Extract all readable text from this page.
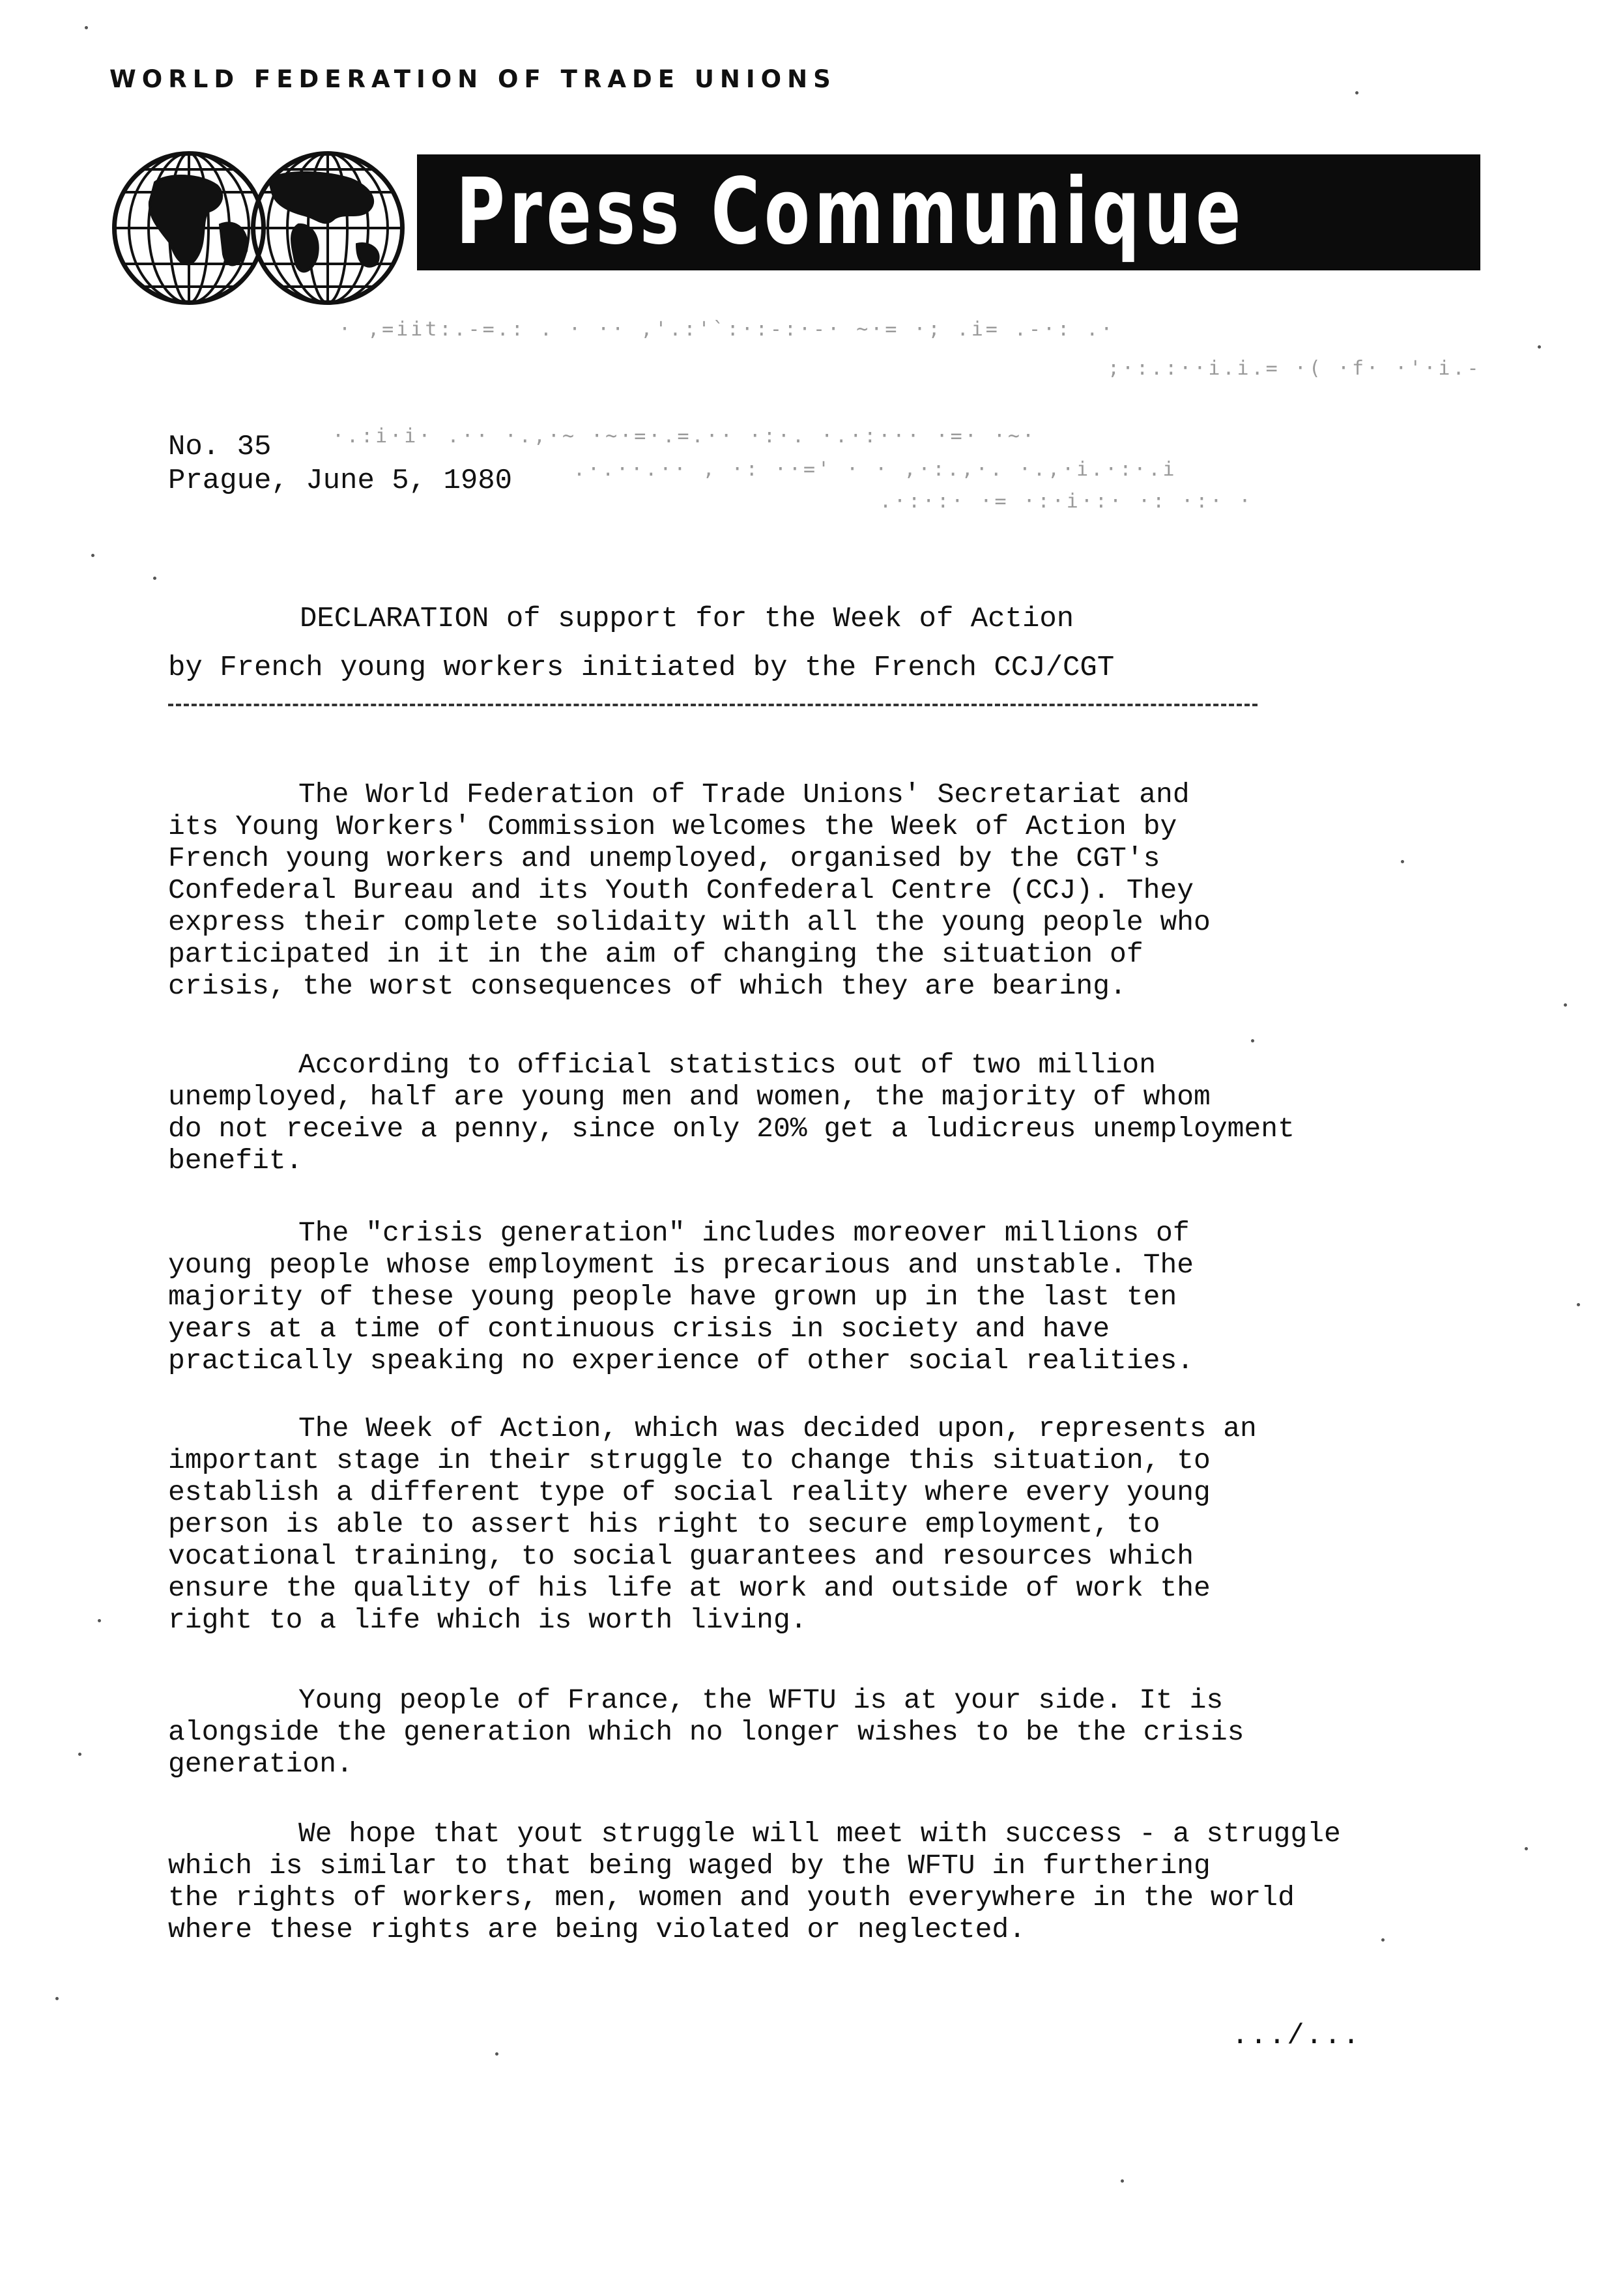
WORLD FEDERATION OF TRADE UNIONS
Press Communique
· ,=iit:.-=.: . · ·· ,'.:'`:·:-:·-· ~·= ·; .i= .-·: .·
;·:.:··i.i.= ·( ·f· ·'·i.-
·.:i·i· .·· ·.,·~ ·~·=·.=.·· ·:·. ·.·:··· ·=· ·~·
.·.··.·· , ·: ··=' · · ,·:.,·. ·.,·i.·:·.i
.·:·:· ·= ·:·i·:· ·: ·:· ·
No. 35
Prague, June 5, 1980
DECLARATION of support for the Week of Action
by French young workers initiated by the French CCJ/CGT
The World Federation of Trade Unions' Secretariat and
its Young Workers' Commission welcomes the Week of Action by
French young workers and unemployed, organised by the CGT's
Confederal Bureau and its Youth Confederal Centre (CCJ). They
express their complete solidaity with all the young people who
participated in it in the aim of changing the situation of
crisis, the worst consequences of which they are bearing.
According to official statistics out of two million
unemployed, half are young men and women, the majority of whom
do not receive a penny, since only 20% get a ludicreus unemployment
benefit.
The "crisis generation" includes moreover millions of
young people whose employment is precarious and unstable. The
majority of these young people have grown up in the last ten
years at a time of continuous crisis in society and have
practically speaking no experience of other social realities.
The Week of Action, which was decided upon, represents an
important stage in their struggle to change this situation, to
establish a different type of social reality where every young
person is able to assert his right to secure employment, to
vocational training, to social guarantees and resources which
ensure the quality of his life at work and outside of work the
right to a life which is worth living.
Young people of France, the WFTU is at your side. It is
alongside the generation which no longer wishes to be the crisis
generation.
We hope that yout struggle will meet with success - a struggle
which is similar to that being waged by the WFTU in furthering
the rights of workers, men, women and youth everywhere in the world
where these rights are being violated or neglected.
.../...
